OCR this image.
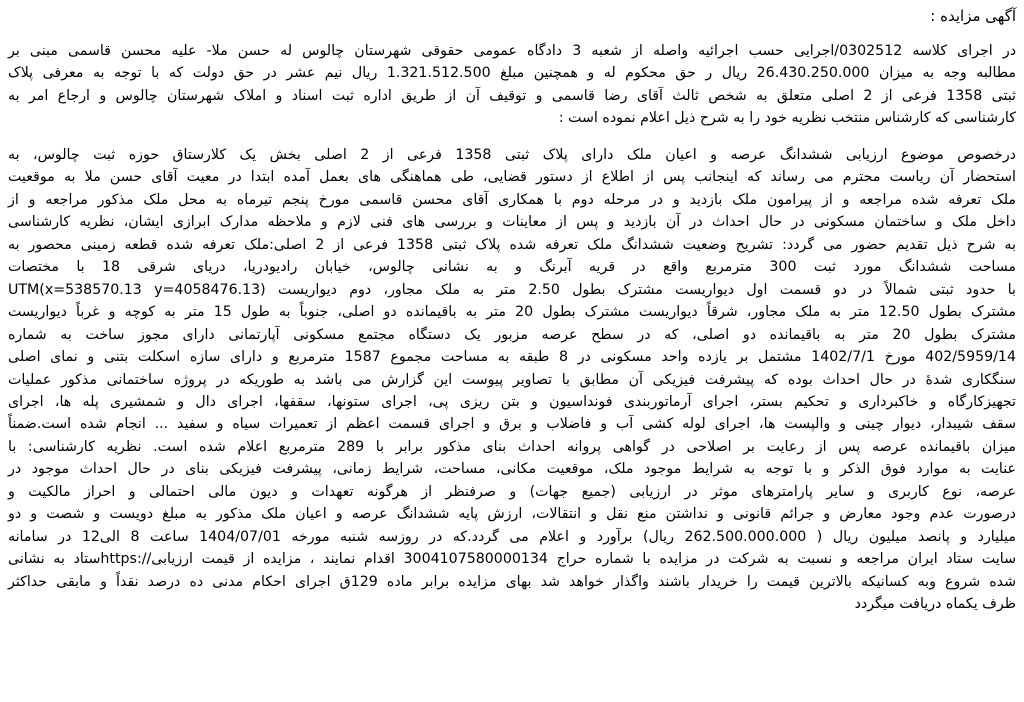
آگهی مزایده :
در اجرای کلاسه 0302512/اجرایی حسب اجرائیه واصله از شعبه 3 دادگاه عمومی حقوقی شهرستان چالوس له حسن ملا- علیه محسن قاسمی مبنی بر
مطالبه وجه به میزان 26.430.250.000 ریال ر حق محکوم له و همچنین مبلغ 1.321.512.500 ریال نیم عشر در حق دولت که با توجه به معرفی پلاک
ثبتی 1358 فرعی از 2 اصلی متعلق به شخص ثالث آقای رضا قاسمی و توقیف آن از طریق اداره ثبت اسناد و املاک شهرستان چالوس و ارجاع امر به
کارشناسی که کارشناس منتخب نظریه خود را به شرح ذیل اعلام نموده است :
درخصوص موضوع ارزیابی ششدانگ عرصه و اعیان ملک دارای پلاک ثبتی 1358 فرعی از 2 اصلی بخش یک کلارستاق حوزه ثبت چالوس، به
استحضار آن ریاست محترم می رساند که اینجانب پس از اطلاع از دستور قضایی، طی هماهنگی های بعمل آمده ابتدا در معیت آقای حسن ملا به موقعیت
ملک تعرفه شده مراجعه و از پیرامون ملک بازدید و در مرحله دوم با همکاری آقای محسن قاسمی مورخ پنجم تیرماه به محل ملک مذکور مراجعه و از
داخل ملک و ساختمان مسکونی در حال احداث در آن بازدید و پس از معاینات و بررسی های فنی لازم و ملاحظه مدارک ابرازی ایشان، نظریه کارشناسی
به شرح ذیل تقدیم حضور می گردد: تشریح وضعیت ششدانگ ملک تعرفه شده پلاک ثبتی 1358 فرعی از 2 اصلی:ملک تعرفه شده قطعه زمینی محصور به
مساحت ششدانگ مورد ثبت 300 مترمربع واقع در قریه آبرنگ و به نشانی چالوس، خیابان رادیودریا، دریای شرقی 18 با مختصات
با حدود ثبتی شمالاً در دو قسمت اول دیواریست مشترک بطول 2.50 متر به ملک مجاور، دوم دیواریست (UTM(x=538570.13 y=4058476.13
مشترک بطول 12.50 متر به ملک مجاور، شرقاً دیواریست مشترک بطول 20 متر به باقیمانده دو اصلی، جنوباً به طول 15 متر به کوچه و غرباً دیواریست
مشترک بطول 20 متر به باقیمانده دو اصلی، که در سطح عرصه مزبور یک دستگاه مجتمع مسکونی آپارتمانی دارای مجوز ساخت به شماره
402/5959/14 مورخ 1402/7/1 مشتمل بر یازده واحد مسکونی در 8 طبقه به مساحت مجموع 1587 مترمربع و دارای سازه اسکلت بتنی و نمای اصلی
سنگکاری شدهٔ در حال احداث بوده که پیشرفت فیزیکی آن مطابق با تصاویر پیوست این گزارش می باشد به طوریکه در پروژه ساختمانی مذکور عملیات
تجهیزکارگاه و خاکبرداری و تحکیم بستر، اجرای آرماتوربندی فونداسیون و بتن ریزی پی، اجرای ستونها، سقفها، اجرای دال و شمشیری پله ها، اجرای
سقف شیبدار، دیوار چینی و والپست ها، اجرای لوله کشی آب و فاضلاب و برق و اجرای قسمت اعظم از تعمیرات سیاه و سفید ... انجام شده است.ضمناً
میزان باقیمانده عرصه پس از رعایت بر اصلاحی در گواهی پروانه احداث بنای مذکور برابر با 289 مترمربع اعلام شده است. نظریه کارشناسی: با
عنایت به موارد فوق الذکر و با توجه به شرایط موجود ملک، موقعیت مکانی، مساحت، شرایط زمانی، پیشرفت فیزیکی بنای در حال احداث موجود در
عرصه، نوع کاربری و سایر پارامترهای موثر در ارزیابی (جمیع جهات) و صرفنظر از هرگونه تعهدات و دیون مالی احتمالی و احراز مالکیت و
درصورت عدم وجود معارض و جرائم قانونی و نداشتن منع نقل و انتقالات، ارزش پایه ششدانگ عرصه و اعیان ملک مذکور به مبلغ دویست و شصت و دو
میلیارد و پانصد میلیون ریال ( 262.500.000.000 ریال) برآورد و اعلام می گردد.که در روزسه شنبه مورخه 1404/07/01 ساعت 8 الی12 در سامانه
سایت ستاد ایران مراجعه و نسبت به شرکت در مزایده با شماره حراج 3004107580000134 اقدام نمایند ، مزایده از قیمت ارزیابی//:httpsستاد به نشانی
شده شروع وبه کسانیکه بالاترین قیمت را خریدار باشند واگذار خواهد شد بهای مزایده برابر ماده 129ق اجرای احکام مدنی ده درصد نقداً و مابقی حداکثر
ظرف یکماه دریافت میگردد
